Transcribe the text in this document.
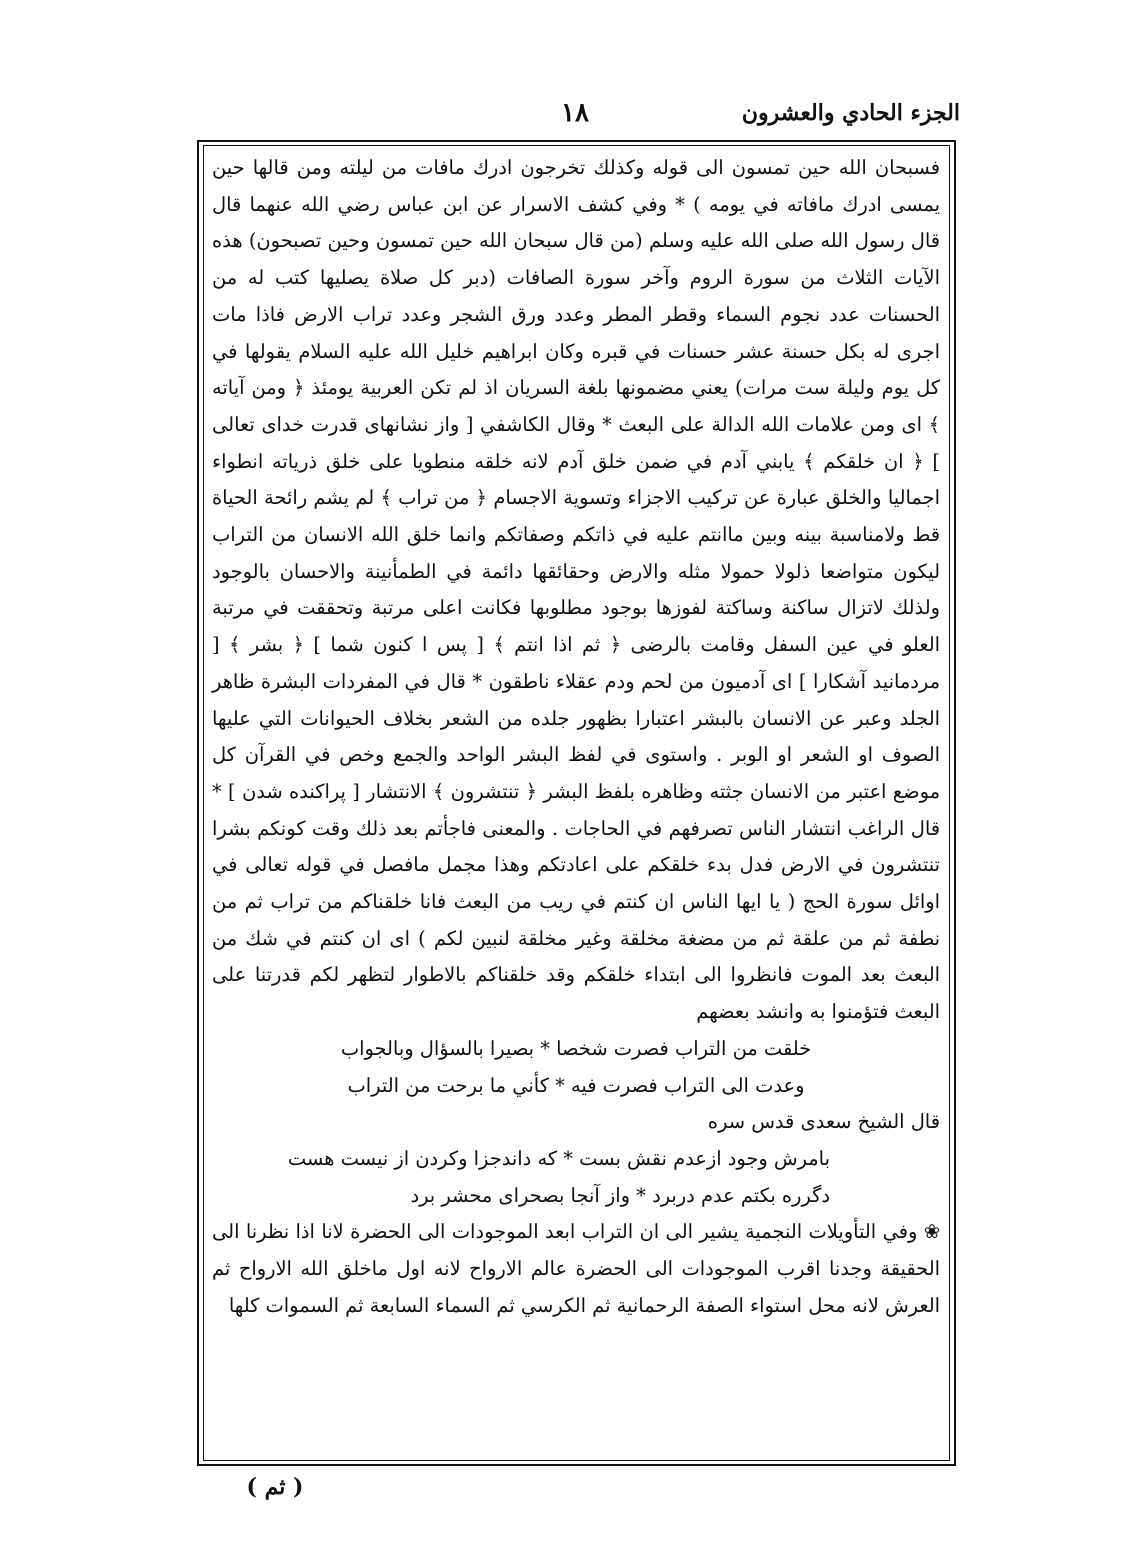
۱۸	الجزء الحادي والعشرون

فسبحان الله حين تمسون الى قوله وكذلك تخرجون ادرك مافات من ليلته ومن قالها حين يمسى ادرك مافاته في يومه ) * وفي كشف الاسرار عن ابن عباس رضي الله عنهما قال قال رسول الله صلى الله عليه وسلم (من قال سبحان الله حين تمسون وحين تصبحون) هذه الآيات الثلاث من سورة الروم وآخر سورة الصافات (دبر كل صلاة يصليها كتب له من الحسنات عدد نجوم السماء وقطر المطر وعدد ورق الشجر وعدد تراب الارض فاذا مات اجرى له بكل حسنة عشر حسنات في قبره وكان ابراهيم خليل الله عليه السلام يقولها في كل يوم وليلة ست مرات) يعني مضمونها بلغة السريان اذ لم تكن العربية يومئذ ﴿ ومن آياته ﴾ اى ومن علامات الله الدالة على البعث * وقال الكاشفي [ واز نشانهاى قدرت خداى تعالى ] ﴿ ان خلقكم ﴾ يابني آدم في ضمن خلق آدم لانه خلقه منطويا على خلق ذرياته انطواء اجماليا والخلق عبارة عن تركيب الاجزاء وتسوية الاجسام ﴿ من تراب ﴾ لم يشم رائحة الحياة قط ولامناسبة بينه وبين ماانتم عليه في ذاتكم وصفاتكم وانما خلق الله الانسان من التراب ليكون متواضعا ذلولا حمولا مثله والارض وحقائقها دائمة في الطمأنينة والاحسان بالوجود ولذلك لاتزال ساكنة وساكتة لفوزها بوجود مطلوبها فكانت اعلى مرتبة وتحققت في مرتبة العلو في عين السفل وقامت بالرضى ﴿ ثم اذا انتم ﴾ [ پس ا كنون شما ] ﴿ بشر ﴾ [ مردمانيد آشكارا ] اى آدميون من لحم ودم عقلاء ناطقون * قال في المفردات البشرة ظاهر الجلد وعبر عن الانسان بالبشر اعتبارا بظهور جلده من الشعر بخلاف الحيوانات التي عليها الصوف او الشعر او الوبر . واستوى في لفظ البشر الواحد والجمع وخص في القرآن كل موضع اعتبر من الانسان جثته وظاهره بلفظ البشر ﴿ تنتشرون ﴾ الانتشار [ پراكنده شدن ] * قال الراغب انتشار الناس تصرفهم في الحاجات . والمعنى فاجأتم بعد ذلك وقت كونكم بشرا تنتشرون في الارض فدل بدء خلقكم على اعادتكم وهذا مجمل مافصل في قوله تعالى في اوائل سورة الحج ( يا ايها الناس ان كنتم في ريب من البعث فانا خلقناكم من تراب ثم من نطفة ثم من علقة ثم من مضغة مخلقة وغير مخلقة لنبين لكم ) اى ان كنتم في شك من البعث بعد الموت فانظروا الى ابتداء خلقكم وقد خلقناكم بالاطوار لتظهر لكم قدرتنا على البعث فتؤمنوا به وانشد بعضهم

خلقت من التراب فصرت شخصا * بصيرا بالسؤال وبالجواب

وعدت الى التراب فصرت فيه * كأني ما برحت من التراب

قال الشيخ سعدى قدس سره

بامرش وجود ازعدم نقش بست * كه داندجزا وكردن از نيست هست

دگرره بكتم عدم دربرد * واز آنجا بصحراى محشر برد

❀ وفي التأويلات النجمية يشير الى ان التراب ابعد الموجودات الى الحضرة لانا اذا نظرنا الى الحقيقة وجدنا اقرب الموجودات الى الحضرة عالم الارواح لانه اول ماخلق الله الارواح ثم العرش لانه محل استواء الصفة الرحمانية ثم الكرسي ثم السماء السابعة ثم السموات كلها

( ثم )
